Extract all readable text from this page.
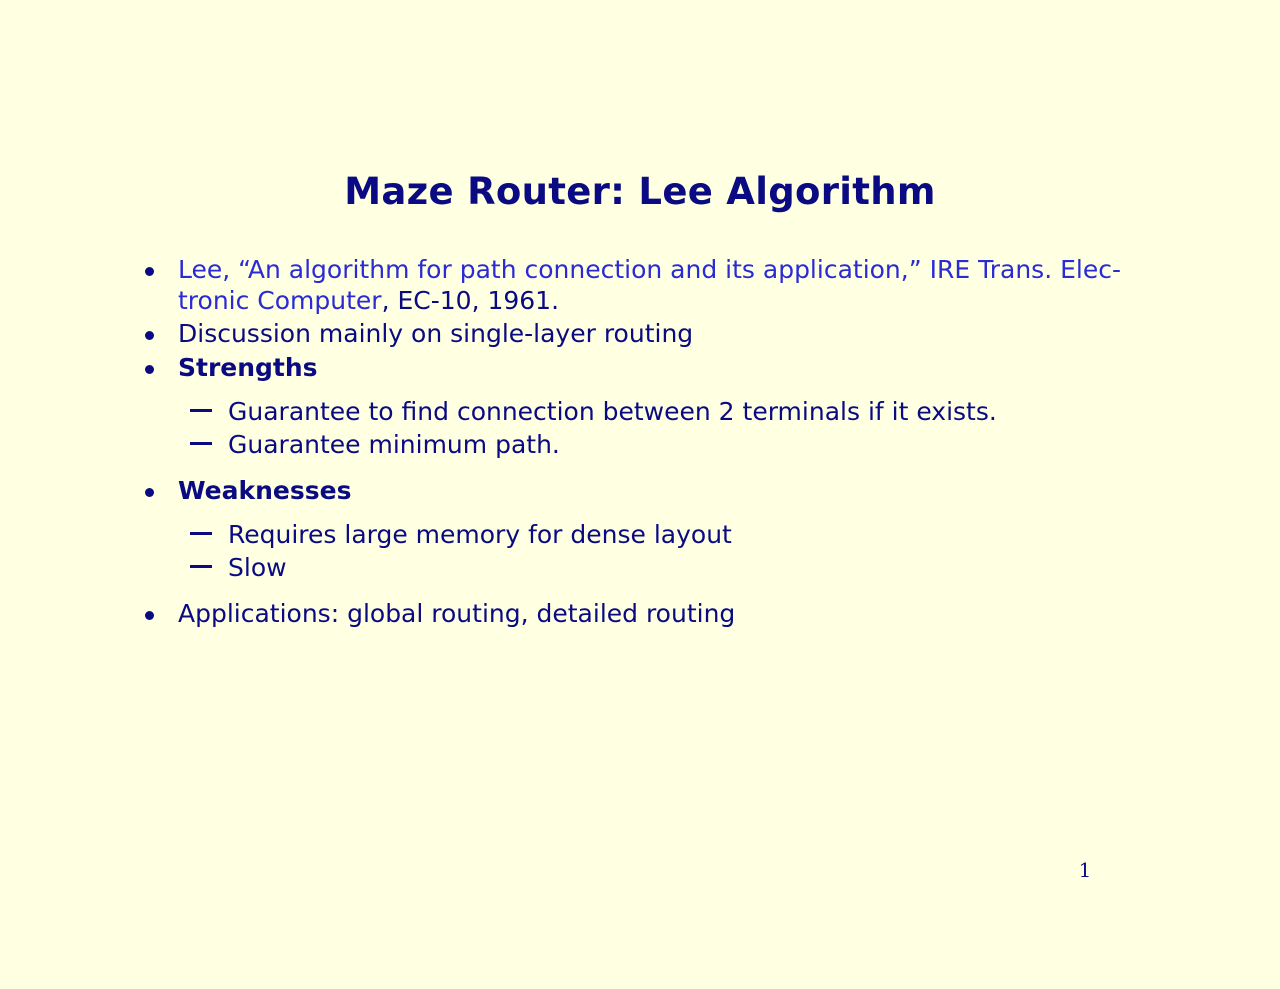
Maze Router: Lee Algorithm
Lee, “An algorithm for path connection and its application,” IRE Trans. Elec-
tronic Computer, EC-10, 1961.
Discussion mainly on single-layer routing
Strengths
Guarantee to find connection between 2 terminals if it exists.
Guarantee minimum path.
Weaknesses
Requires large memory for dense layout
Slow
Applications: global routing, detailed routing
1
